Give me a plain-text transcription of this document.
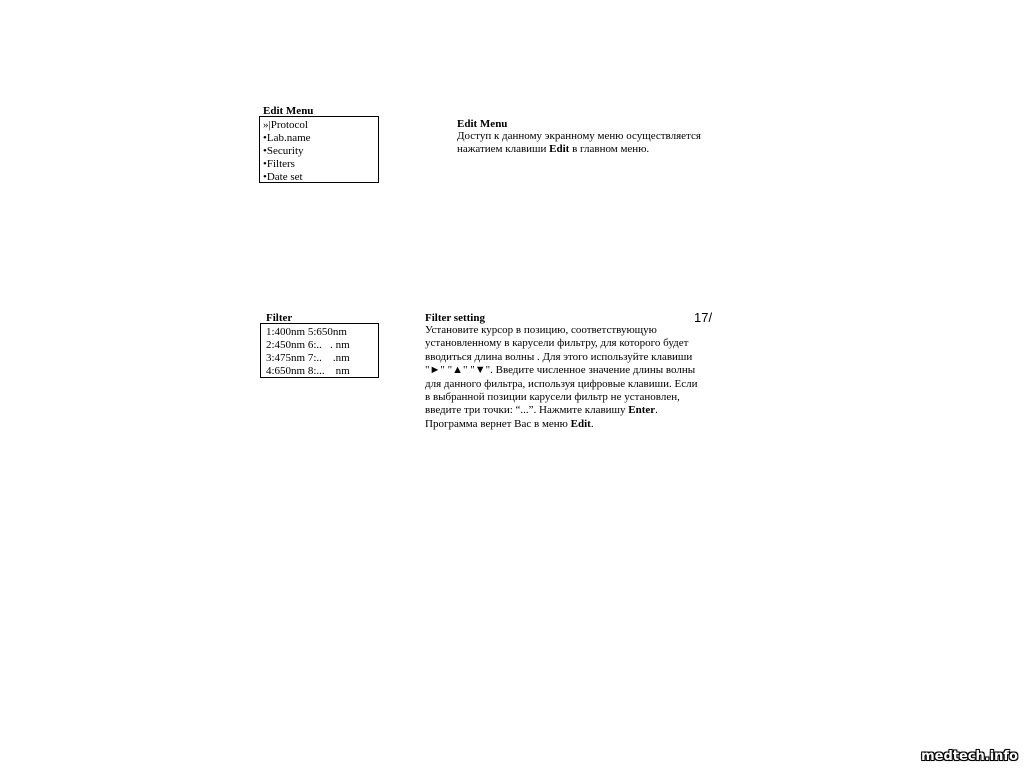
Edit Menu
»|Protocol
•Lab.name
•Security
•Filters
•Date set
Edit Menu
Доступ к данному экранному меню осуществляется нажатием клавиши Edit в главном меню.
Filter
1:400nm 5:650nm
2:450nm 6:..   . nm
3:475nm 7:..    .nm
4:650nm 8:...    nm
Filter setting
Установите курсор в позицию, соответствующую установленному в карусели фильтру, для которого будет вводиться длина волны . Для этого используйте клавиши "►" "▲" "▼". Введите численное значение длины волны для данного фильтра, используя цифровые клавиши. Если в выбранной позиции карусели фильтр не установлен, введите три точки: “...”. Нажмите клавишу Enter. Программа вернет Вас в меню Edit.
17/
medtech.info
